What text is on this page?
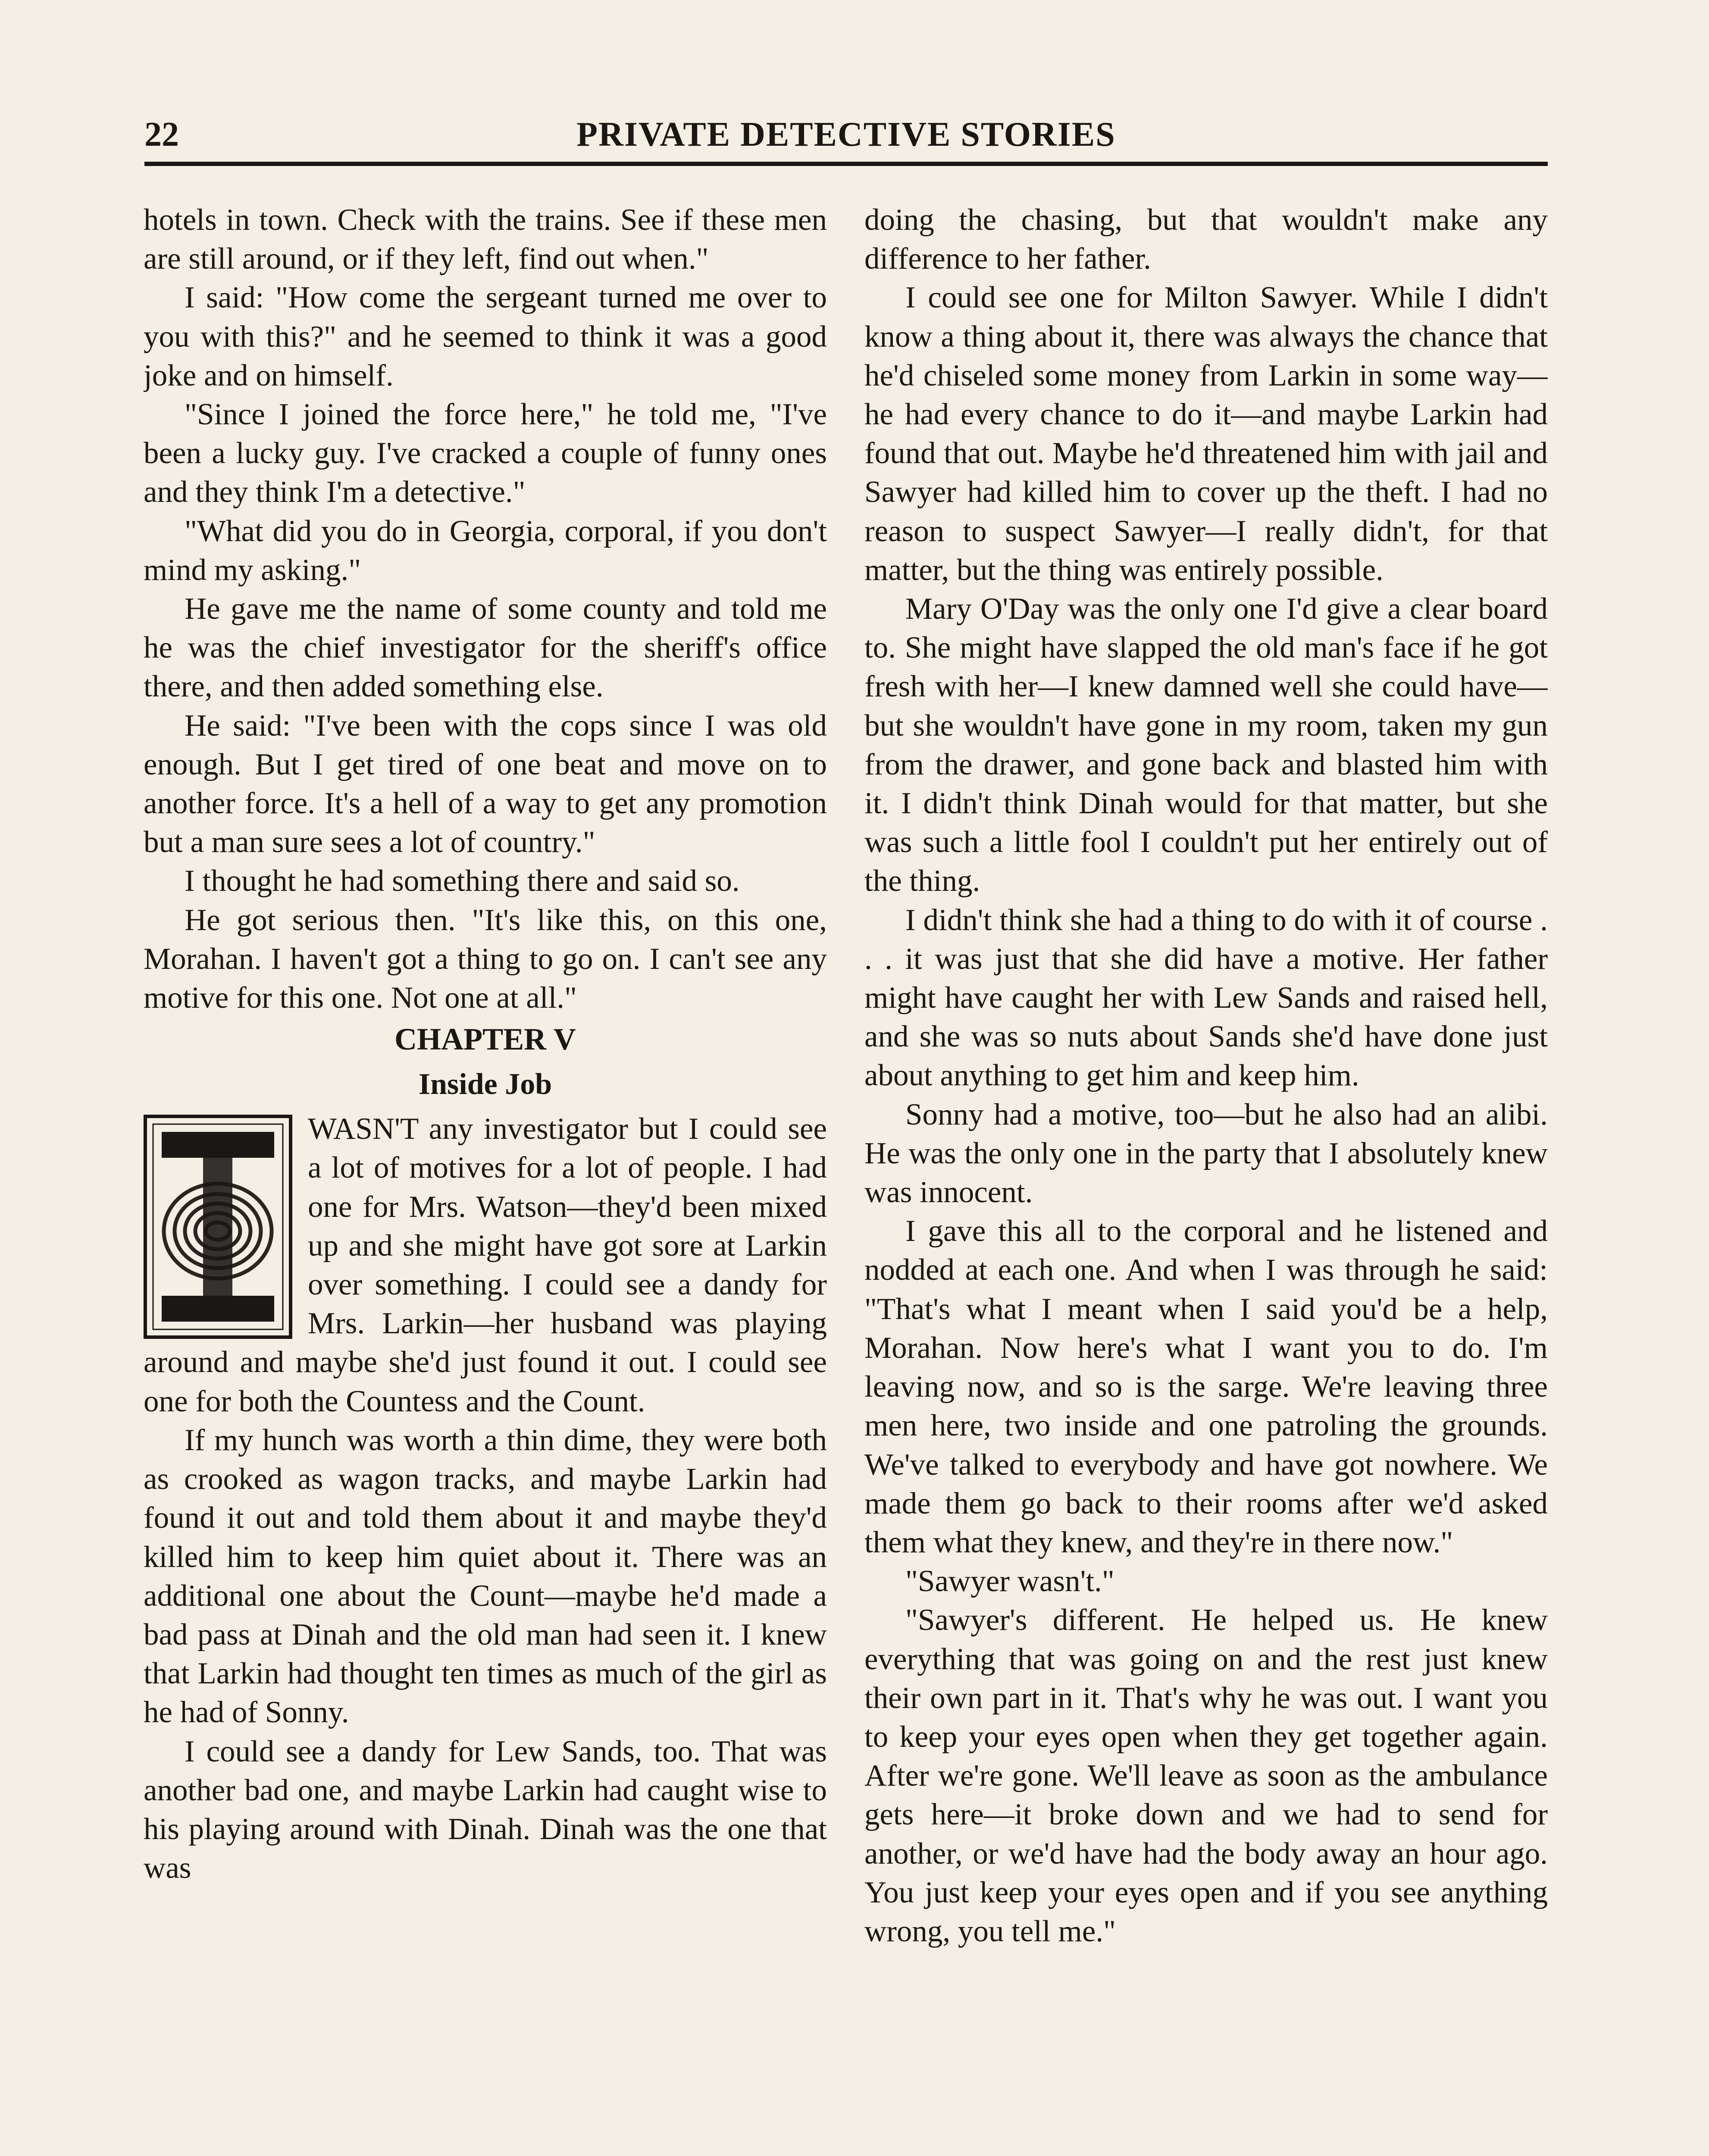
22	PRIVATE DETECTIVE STORIES

hotels in town. Check with the trains. See if these men are still around, or if they left, find out when."

I said: "How come the sergeant turned me over to you with this?" and he seemed to think it was a good joke and on himself.

"Since I joined the force here," he told me, "I've been a lucky guy. I've cracked a couple of funny ones and they think I'm a detective."

"What did you do in Georgia, corporal, if you don't mind my asking."

He gave me the name of some county and told me he was the chief investigator for the sheriff's office there, and then added something else.

He said: "I've been with the cops since I was old enough. But I get tired of one beat and move on to another force. It's a hell of a way to get any promotion but a man sure sees a lot of country."

I thought he had something there and said so.

He got serious then. "It's like this, on this one, Morahan. I haven't got a thing to go on. I can't see any motive for this one. Not one at all."

CHAPTER V
Inside Job
I

WASN'T any investigator but I could see a lot of motives for a lot of people. I had one for Mrs. Watson—they'd been mixed up and she might have got sore at Larkin over something. I could see a dandy for Mrs. Larkin—her husband was playing around and maybe she'd just found it out. I could see one for both the Countess and the Count.

If my hunch was worth a thin dime, they were both as crooked as wagon tracks, and maybe Larkin had found it out and told them about it and maybe they'd killed him to keep him quiet about it. There was an additional one about the Count—maybe he'd made a bad pass at Dinah and the old man had seen it. I knew that Larkin had thought ten times as much of the girl as he had of Sonny.

I could see a dandy for Lew Sands, too. That was another bad one, and maybe Larkin had caught wise to his playing around with Dinah. Dinah was the one that was

doing the chasing, but that wouldn't make any difference to her father.

I could see one for Milton Sawyer. While I didn't know a thing about it, there was always the chance that he'd chiseled some money from Larkin in some way—he had every chance to do it—and maybe Larkin had found that out. Maybe he'd threatened him with jail and Sawyer had killed him to cover up the theft. I had no reason to suspect Sawyer—I really didn't, for that matter, but the thing was entirely possible.

Mary O'Day was the only one I'd give a clear board to. She might have slapped the old man's face if he got fresh with her—I knew damned well she could have—but she wouldn't have gone in my room, taken my gun from the drawer, and gone back and blasted him with it. I didn't think Dinah would for that matter, but she was such a little fool I couldn't put her entirely out of the thing.

I didn't think she had a thing to do with it of course . . . it was just that she did have a motive. Her father might have caught her with Lew Sands and raised hell, and she was so nuts about Sands she'd have done just about anything to get him and keep him.

Sonny had a motive, too—but he also had an alibi. He was the only one in the party that I absolutely knew was innocent.

I gave this all to the corporal and he listened and nodded at each one. And when I was through he said: "That's what I meant when I said you'd be a help, Morahan. Now here's what I want you to do. I'm leaving now, and so is the sarge. We're leaving three men here, two inside and one patroling the grounds. We've talked to everybody and have got nowhere. We made them go back to their rooms after we'd asked them what they knew, and they're in there now."

"Sawyer wasn't."

"Sawyer's different. He helped us. He knew everything that was going on and the rest just knew their own part in it. That's why he was out. I want you to keep your eyes open when they get together again. After we're gone. We'll leave as soon as the ambulance gets here—it broke down and we had to send for another, or we'd have had the body away an hour ago. You just keep your eyes open and if you see anything wrong, you tell me."
